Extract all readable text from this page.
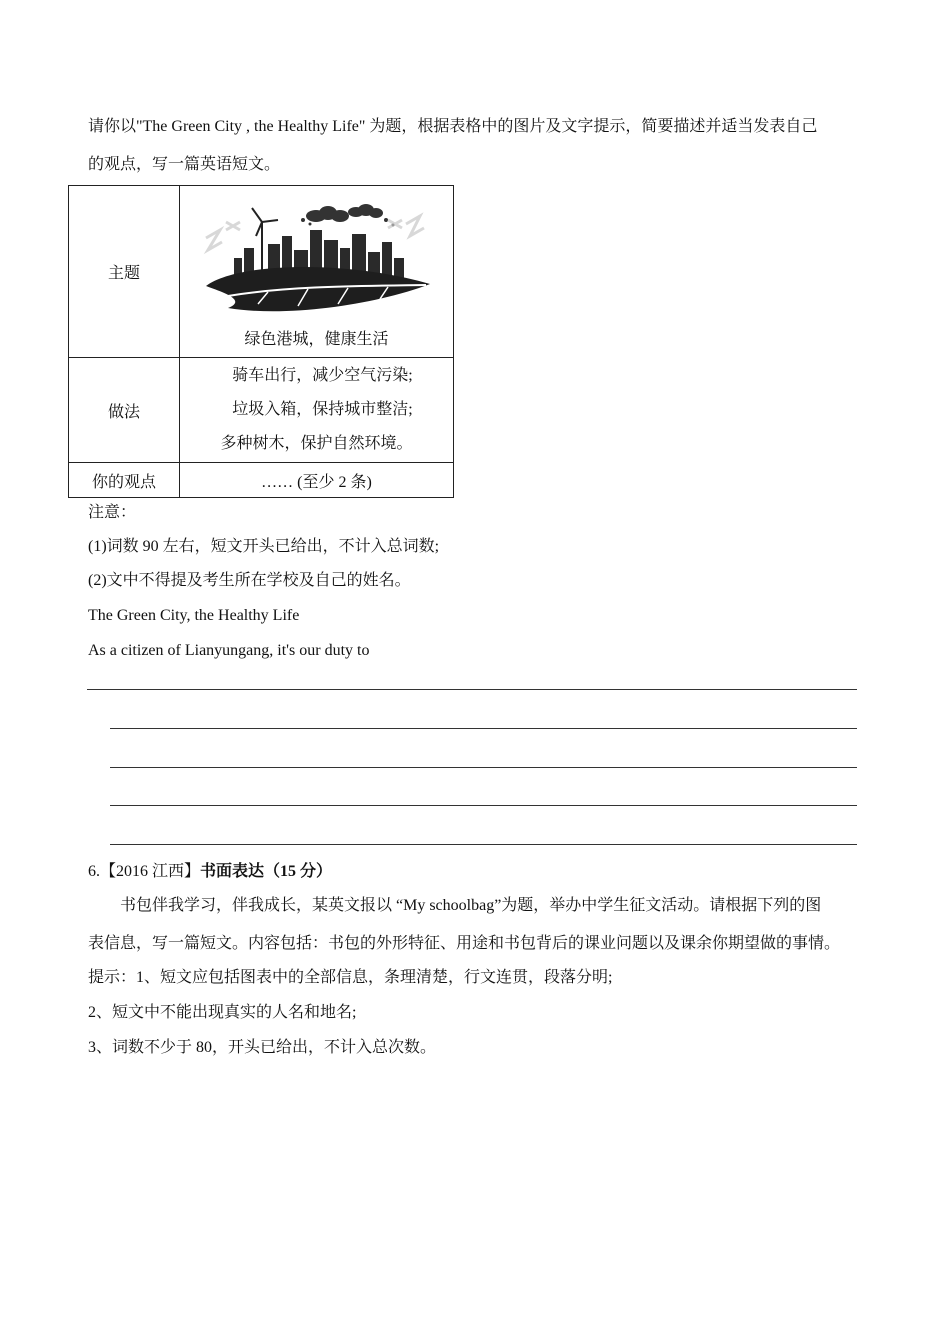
请你以"The Green City , the Healthy Life" 为题，根据表格中的图片及文字提示，简要描述并适当发表自己
的观点，写一篇英语短文。
主题	绿色港城，健康生活

做法	骑车出行，减少空气污染;
垃圾入箱，保持城市整洁;
多种树木，保护自然环境。

你的观点	…… (至少 2 条)
注意：
(1)词数 90 左右，短文开头已给出，不计入总词数;
(2)文中不得提及考生所在学校及自己的姓名。
The Green City, the Healthy Life
As a citizen of Lianyungang, it's our duty to
6.【2016 江西】书面表达（15 分）
书包伴我学习，伴我成长，某英文报以 “My schoolbag”为题，举办中学生征文活动。请根据下列的图
表信息，写一篇短文。内容包括：书包的外形特征、用途和书包背后的课业问题以及课余你期望做的事情。
提示：1、短文应包括图表中的全部信息，条理清楚，行文连贯，段落分明;
2、短文中不能出现真实的人名和地名;
3、词数不少于 80，开头已给出，不计入总次数。
